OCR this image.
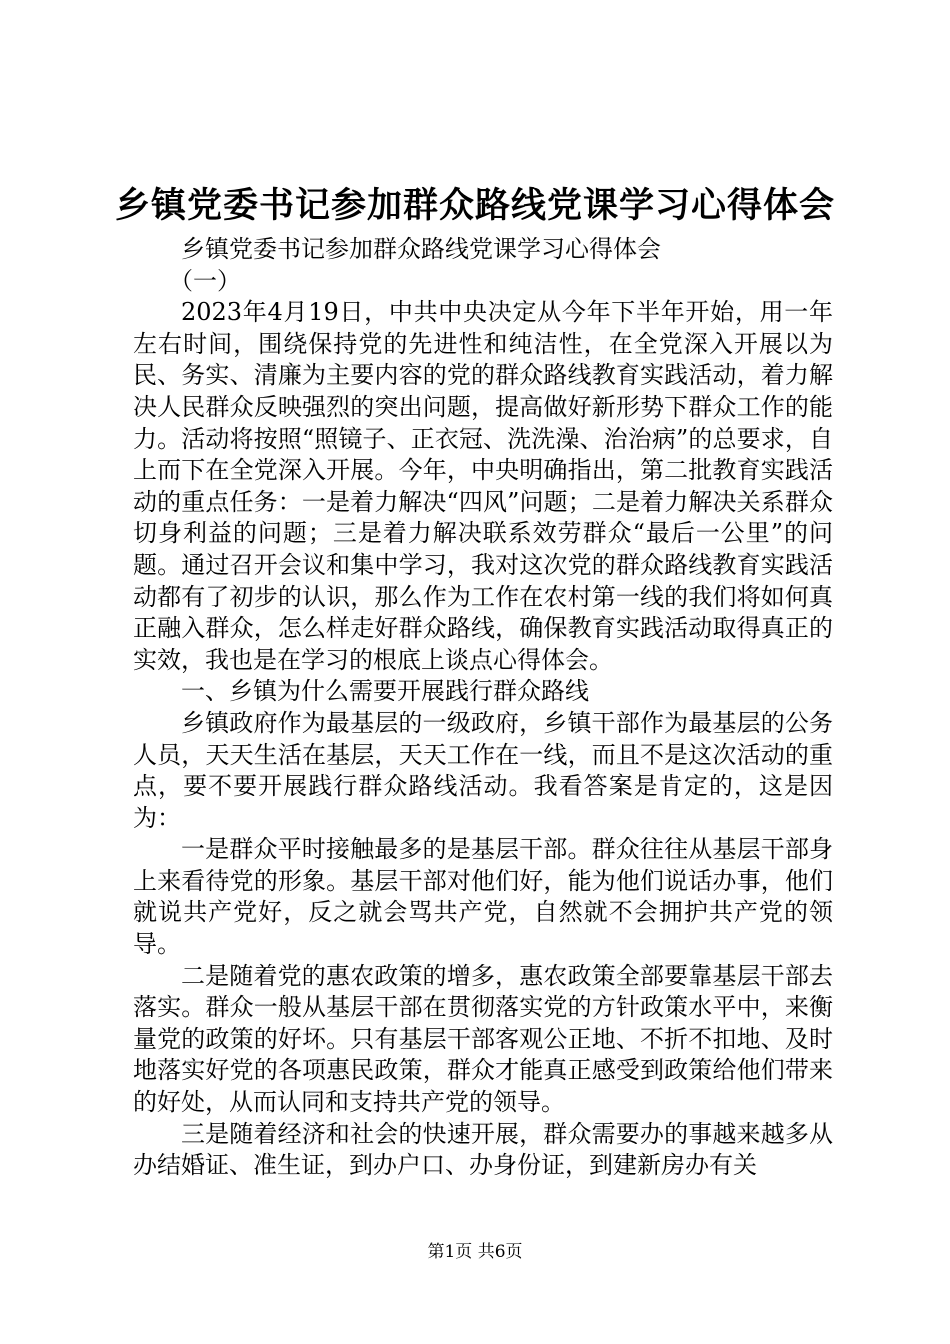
乡镇党委书记参加群众路线党课学习心得体会

乡镇党委书记参加群众路线党课学习心得体会

（一）

2023年4月19日，中共中央决定从今年下半年开始，用一年左右时间，围绕保持党的先进性和纯洁性，在全党深入开展以为民、务实、清廉为主要内容的党的群众路线教育实践活动，着力解决人民群众反映强烈的突出问题，提高做好新形势下群众工作的能力。活动将按照“照镜子、正衣冠、洗洗澡、治治病”的总要求，自上而下在全党深入开展。今年，中央明确指出，第二批教育实践活动的重点任务：一是着力解决“四风”问题；二是着力解决关系群众切身利益的问题；三是着力解决联系效劳群众“最后一公里”的问题。通过召开会议和集中学习，我对这次党的群众路线教育实践活动都有了初步的认识，那么作为工作在农村第一线的我们将如何真正融入群众，怎么样走好群众路线，确保教育实践活动取得真正的实效，我也是在学习的根底上谈点心得体会。

一、乡镇为什么需要开展践行群众路线

乡镇政府作为最基层的一级政府，乡镇干部作为最基层的公务人员，天天生活在基层，天天工作在一线，而且不是这次活动的重点，要不要开展践行群众路线活动。我看答案是肯定的，这是因为：

一是群众平时接触最多的是基层干部。群众往往从基层干部身上来看待党的形象。基层干部对他们好，能为他们说话办事，他们就说共产党好，反之就会骂共产党，自然就不会拥护共产党的领导。

二是随着党的惠农政策的增多，惠农政策全部要靠基层干部去落实。群众一般从基层干部在贯彻落实党的方针政策水平中，来衡量党的政策的好坏。只有基层干部客观公正地、不折不扣地、及时地落实好党的各项惠民政策，群众才能真正感受到政策给他们带来的好处，从而认同和支持共产党的领导。

三是随着经济和社会的快速开展，群众需要办的事越来越多从办结婚证、准生证，到办户口、办身份证，到建新房办有关

第1页 共6页
